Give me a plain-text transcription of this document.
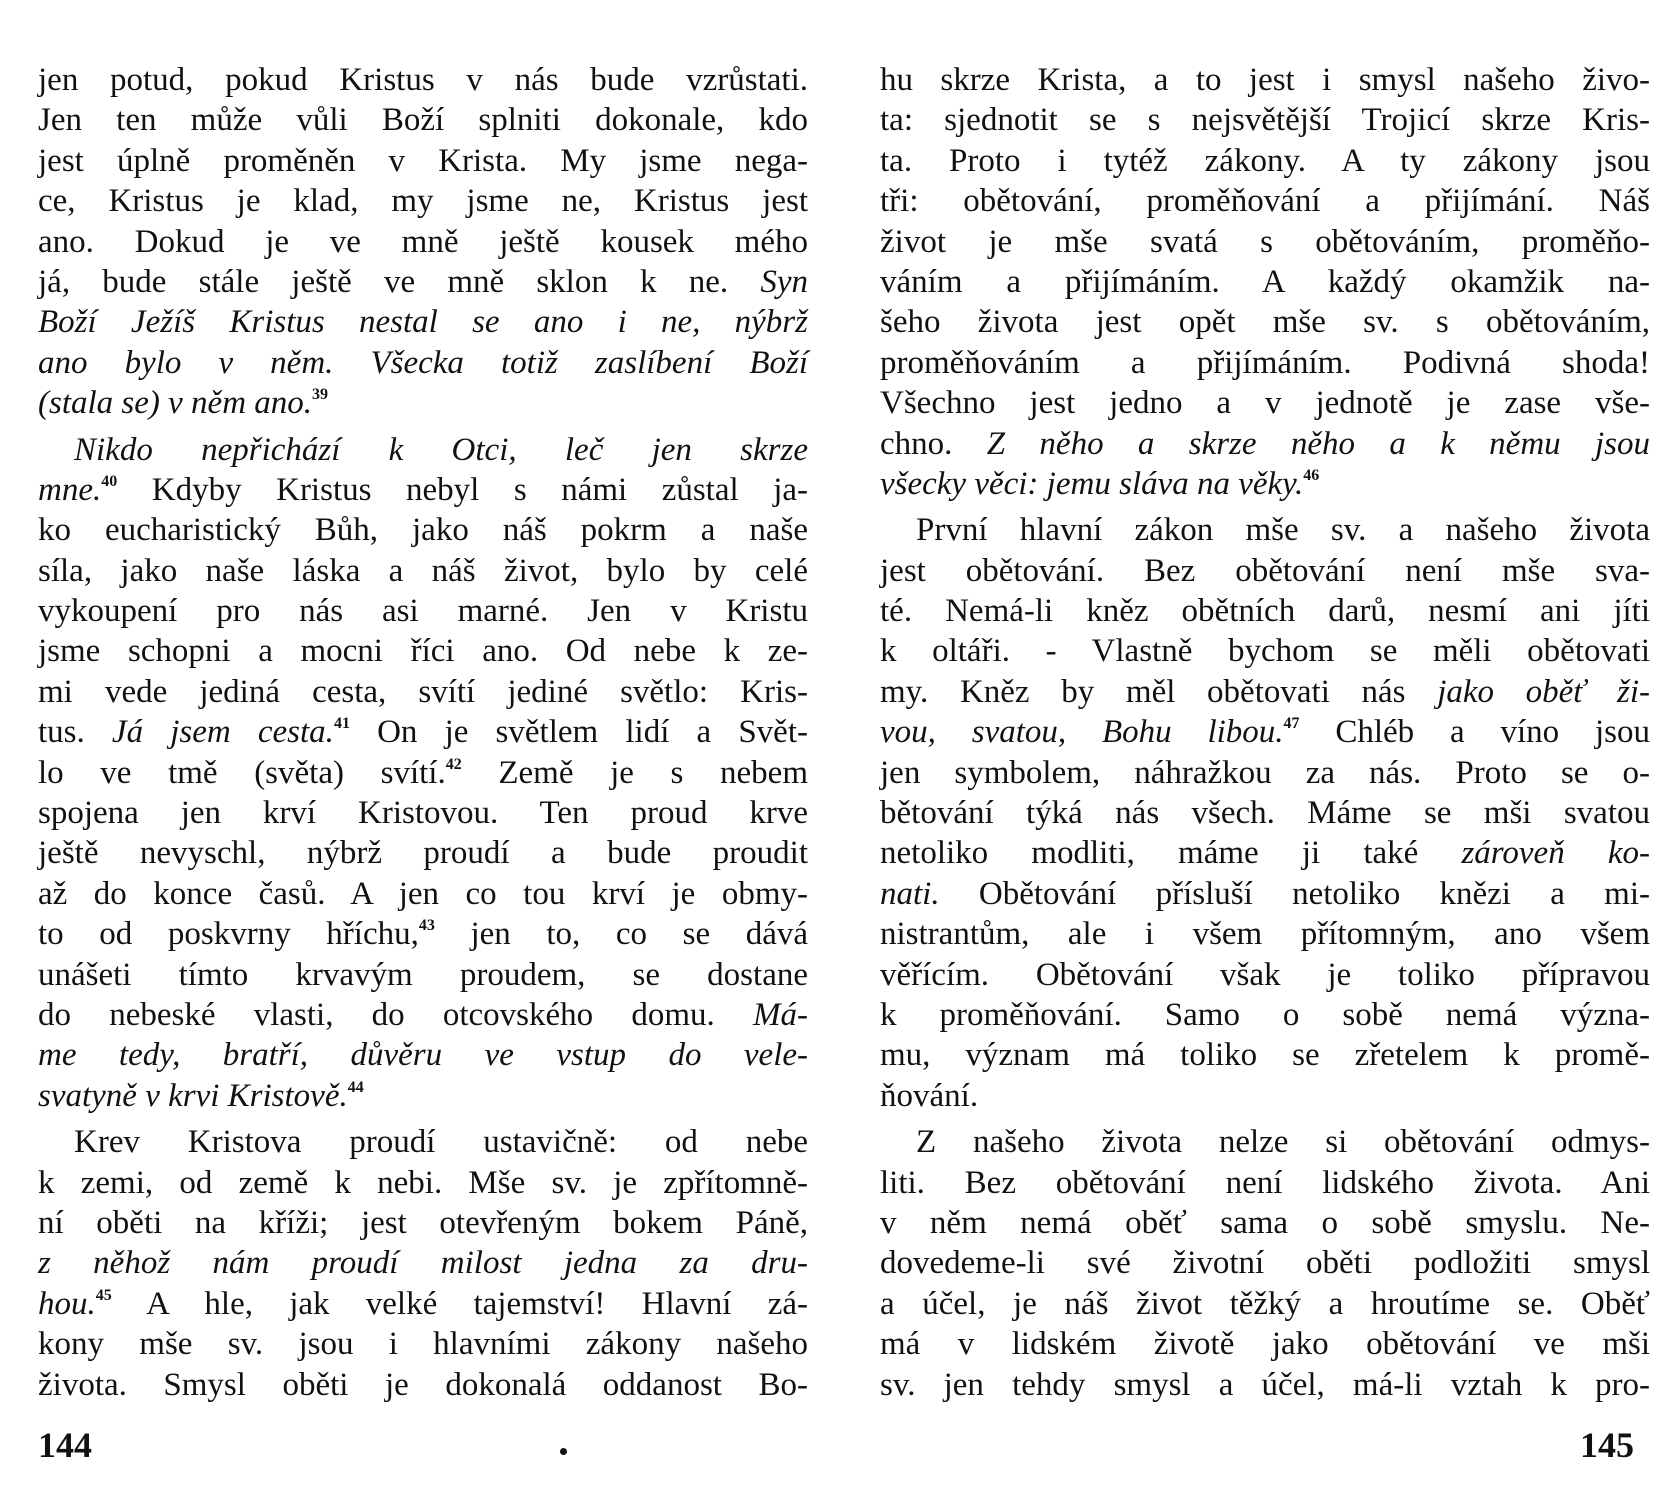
jen potud, pokud Kristus v nás bude vzrůstati.
Jen ten může vůli Boží splniti dokonale, kdo
jest úplně proměněn v Krista. My jsme nega-
ce, Kristus je klad, my jsme ne, Kristus jest
ano. Dokud je ve mně ještě kousek mého
já, bude stále ještě ve mně sklon k ne. Syn
Boží Ježíš Kristus nestal se ano i ne, nýbrž
ano bylo v něm. Všecka totiž zaslíbení Boží
(stala se) v něm ano.$^{39}$
Nikdo nepřichází k Otci, leč jen skrze
mne.$^{40}$ Kdyby Kristus nebyl s námi zůstal ja-
ko eucharistický Bůh, jako náš pokrm a naše
síla, jako naše láska a náš život, bylo by celé
vykoupení pro nás asi marné. Jen v Kristu
jsme schopni a mocni říci ano. Od nebe k ze-
mi vede jediná cesta, svítí jediné světlo: Kris-
tus. Já jsem cesta.$^{41}$ On je světlem lidí a Svět-
lo ve tmě (světa) svítí.$^{42}$ Země je s nebem
spojena jen krví Kristovou. Ten proud krve
ještě nevyschl, nýbrž proudí a bude proudit
až do konce časů. A jen co tou krví je obmy-
to od poskvrny hříchu,$^{43}$ jen to, co se dává
unášeti tímto krvavým proudem, se dostane
do nebeské vlasti, do otcovského domu. Má-
me tedy, bratří, důvěru ve vstup do vele-
svatyně v krvi Kristově.$^{44}$
Krev Kristova proudí ustavičně: od nebe
k zemi, od země k nebi. Mše sv. je zpřítomně-
ní oběti na kříži; jest otevřeným bokem Páně,
z něhož nám proudí milost jedna za dru-
hou.$^{45}$ A hle, jak velké tajemství! Hlavní zá-
kony mše sv. jsou i hlavními zákony našeho
života. Smysl oběti je dokonalá oddanost Bo-
hu skrze Krista, a to jest i smysl našeho živo-
ta: sjednotit se s nejsvětější Trojicí skrze Kris-
ta. Proto i tytéž zákony. A ty zákony jsou
tři: obětování, proměňování a přijímání. Náš
život je mše svatá s obětováním, proměňo-
váním a přijímáním. A každý okamžik na-
šeho života jest opět mše sv. s obětováním,
proměňováním a přijímáním. Podivná shoda!
Všechno jest jedno a v jednotě je zase vše-
chno. Z něho a skrze něho a k němu jsou
všecky věci: jemu sláva na věky.$^{46}$
První hlavní zákon mše sv. a našeho života
jest obětování. Bez obětování není mše sva-
té. Nemá-li kněz obětních darů, nesmí ani jíti
k oltáři. - Vlastně bychom se měli obětovati
my. Kněz by měl obětovati nás jako oběť ži-
vou, svatou, Bohu libou.$^{47}$ Chléb a víno jsou
jen symbolem, náhražkou za nás. Proto se o-
bětování týká nás všech. Máme se mši svatou
netoliko modliti, máme ji také zároveň ko-
nati. Obětování přísluší netoliko knězi a mi-
nistrantům, ale i všem přítomným, ano všem
věřícím. Obětování však je toliko přípravou
k proměňování. Samo o sobě nemá význa-
mu, význam má toliko se zřetelem k promě-
ňování.
Z našeho života nelze si obětování odmys-
liti. Bez obětování není lidského života. Ani
v něm nemá oběť sama o sobě smyslu. Ne-
dovedeme-li své životní oběti podložiti smysl
a účel, je náš život těžký a hroutíme se. Oběť
má v lidském životě jako obětování ve mši
sv. jen tehdy smysl a účel, má-li vztah k pro-
144	145
